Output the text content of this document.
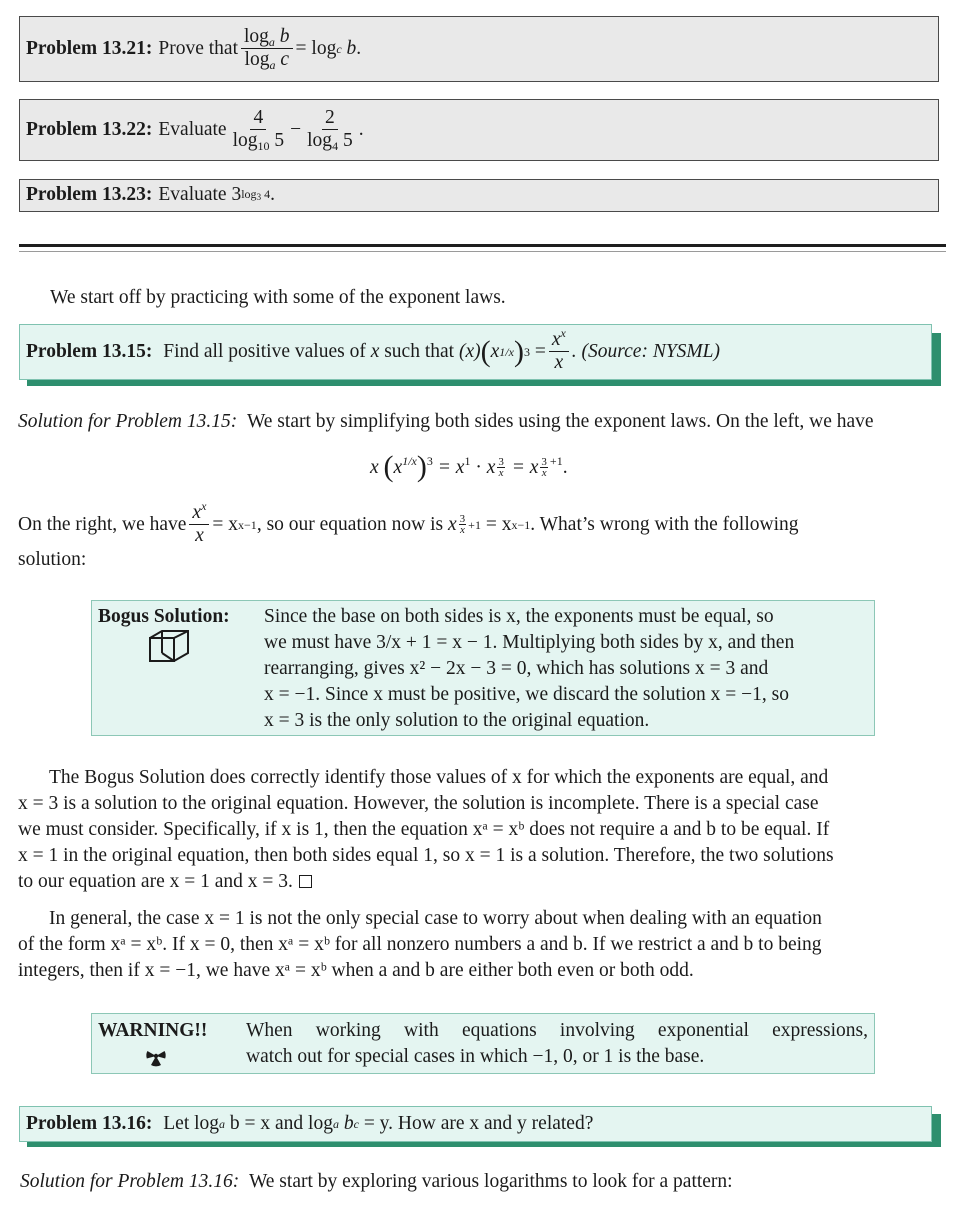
Problem 13.21: Prove that $\frac{\log_a b}{\log_a c} = \log c$
b .
Problem 13.22: Evaluate $\frac{4}{\log_{10} 5} - \frac{2}{\log_4 5}$ .
Problem 13.23: Evaluate
3 log3 4 .
We start off by practicing with some of the exponent laws.
Problem 13.15:
Find all positive values of
x
such that
(x) ( x 1/x ) 3
= $\frac{x^x}{x}$ . (Source: NYSML)
Solution for Problem 13.15: We start by simplifying both sides using the exponent laws. On the left, we have
x $(x^{1/x})^3 = x^1 \cdot x \frac{3}{x} = x \frac{3}{x} ^{+1}$.
On the right, we have $\frac{x^x}{x} = x$ x−1 , so our equation now is
x $\frac{3}{x} +1$
= x x−1 . What’s wrong with the following
solution:
Bogus Solution: Since the base on both sides is x, the exponents must be equal, so
we must have 3/x + 1 = x − 1. Multiplying both sides by x, and then
rearranging, gives x² − 2x − 3 = 0, which has solutions x = 3 and
x = −1. Since x must be positive, we discard the solution x = −1, so
x = 3 is the only solution to the original equation.
The Bogus Solution does correctly identify those values of x for which the exponents are equal, and
x = 3 is a solution to the original equation. However, the solution is incomplete. There is a special case
we must consider. Specifically, if x is 1, then the equation xᵃ = xᵇ does not require a and b to be equal. If
x = 1 in the original equation, then both sides equal 1, so x = 1 is a solution. Therefore, the two solutions
to our equation are x = 1 and x = 3.
In general, the case x = 1 is not the only special case to worry about when dealing with an equation
of the form xᵃ = xᵇ. If x = 0, then xᵃ = xᵇ for all nonzero numbers a and b. If we restrict a and b to being
integers, then if x = −1, we have xᵃ = xᵇ when a and b are either both even or both odd.
WARNING!! When working with equations involving exponential expressions,
watch out for special cases in which −1, 0, or 1 is the base.
Problem 13.16:
Let log a
b = x and log a
b c
= y. How are x and y related?
Solution for Problem 13.16: We start by exploring various logarithms to look for a pattern:
